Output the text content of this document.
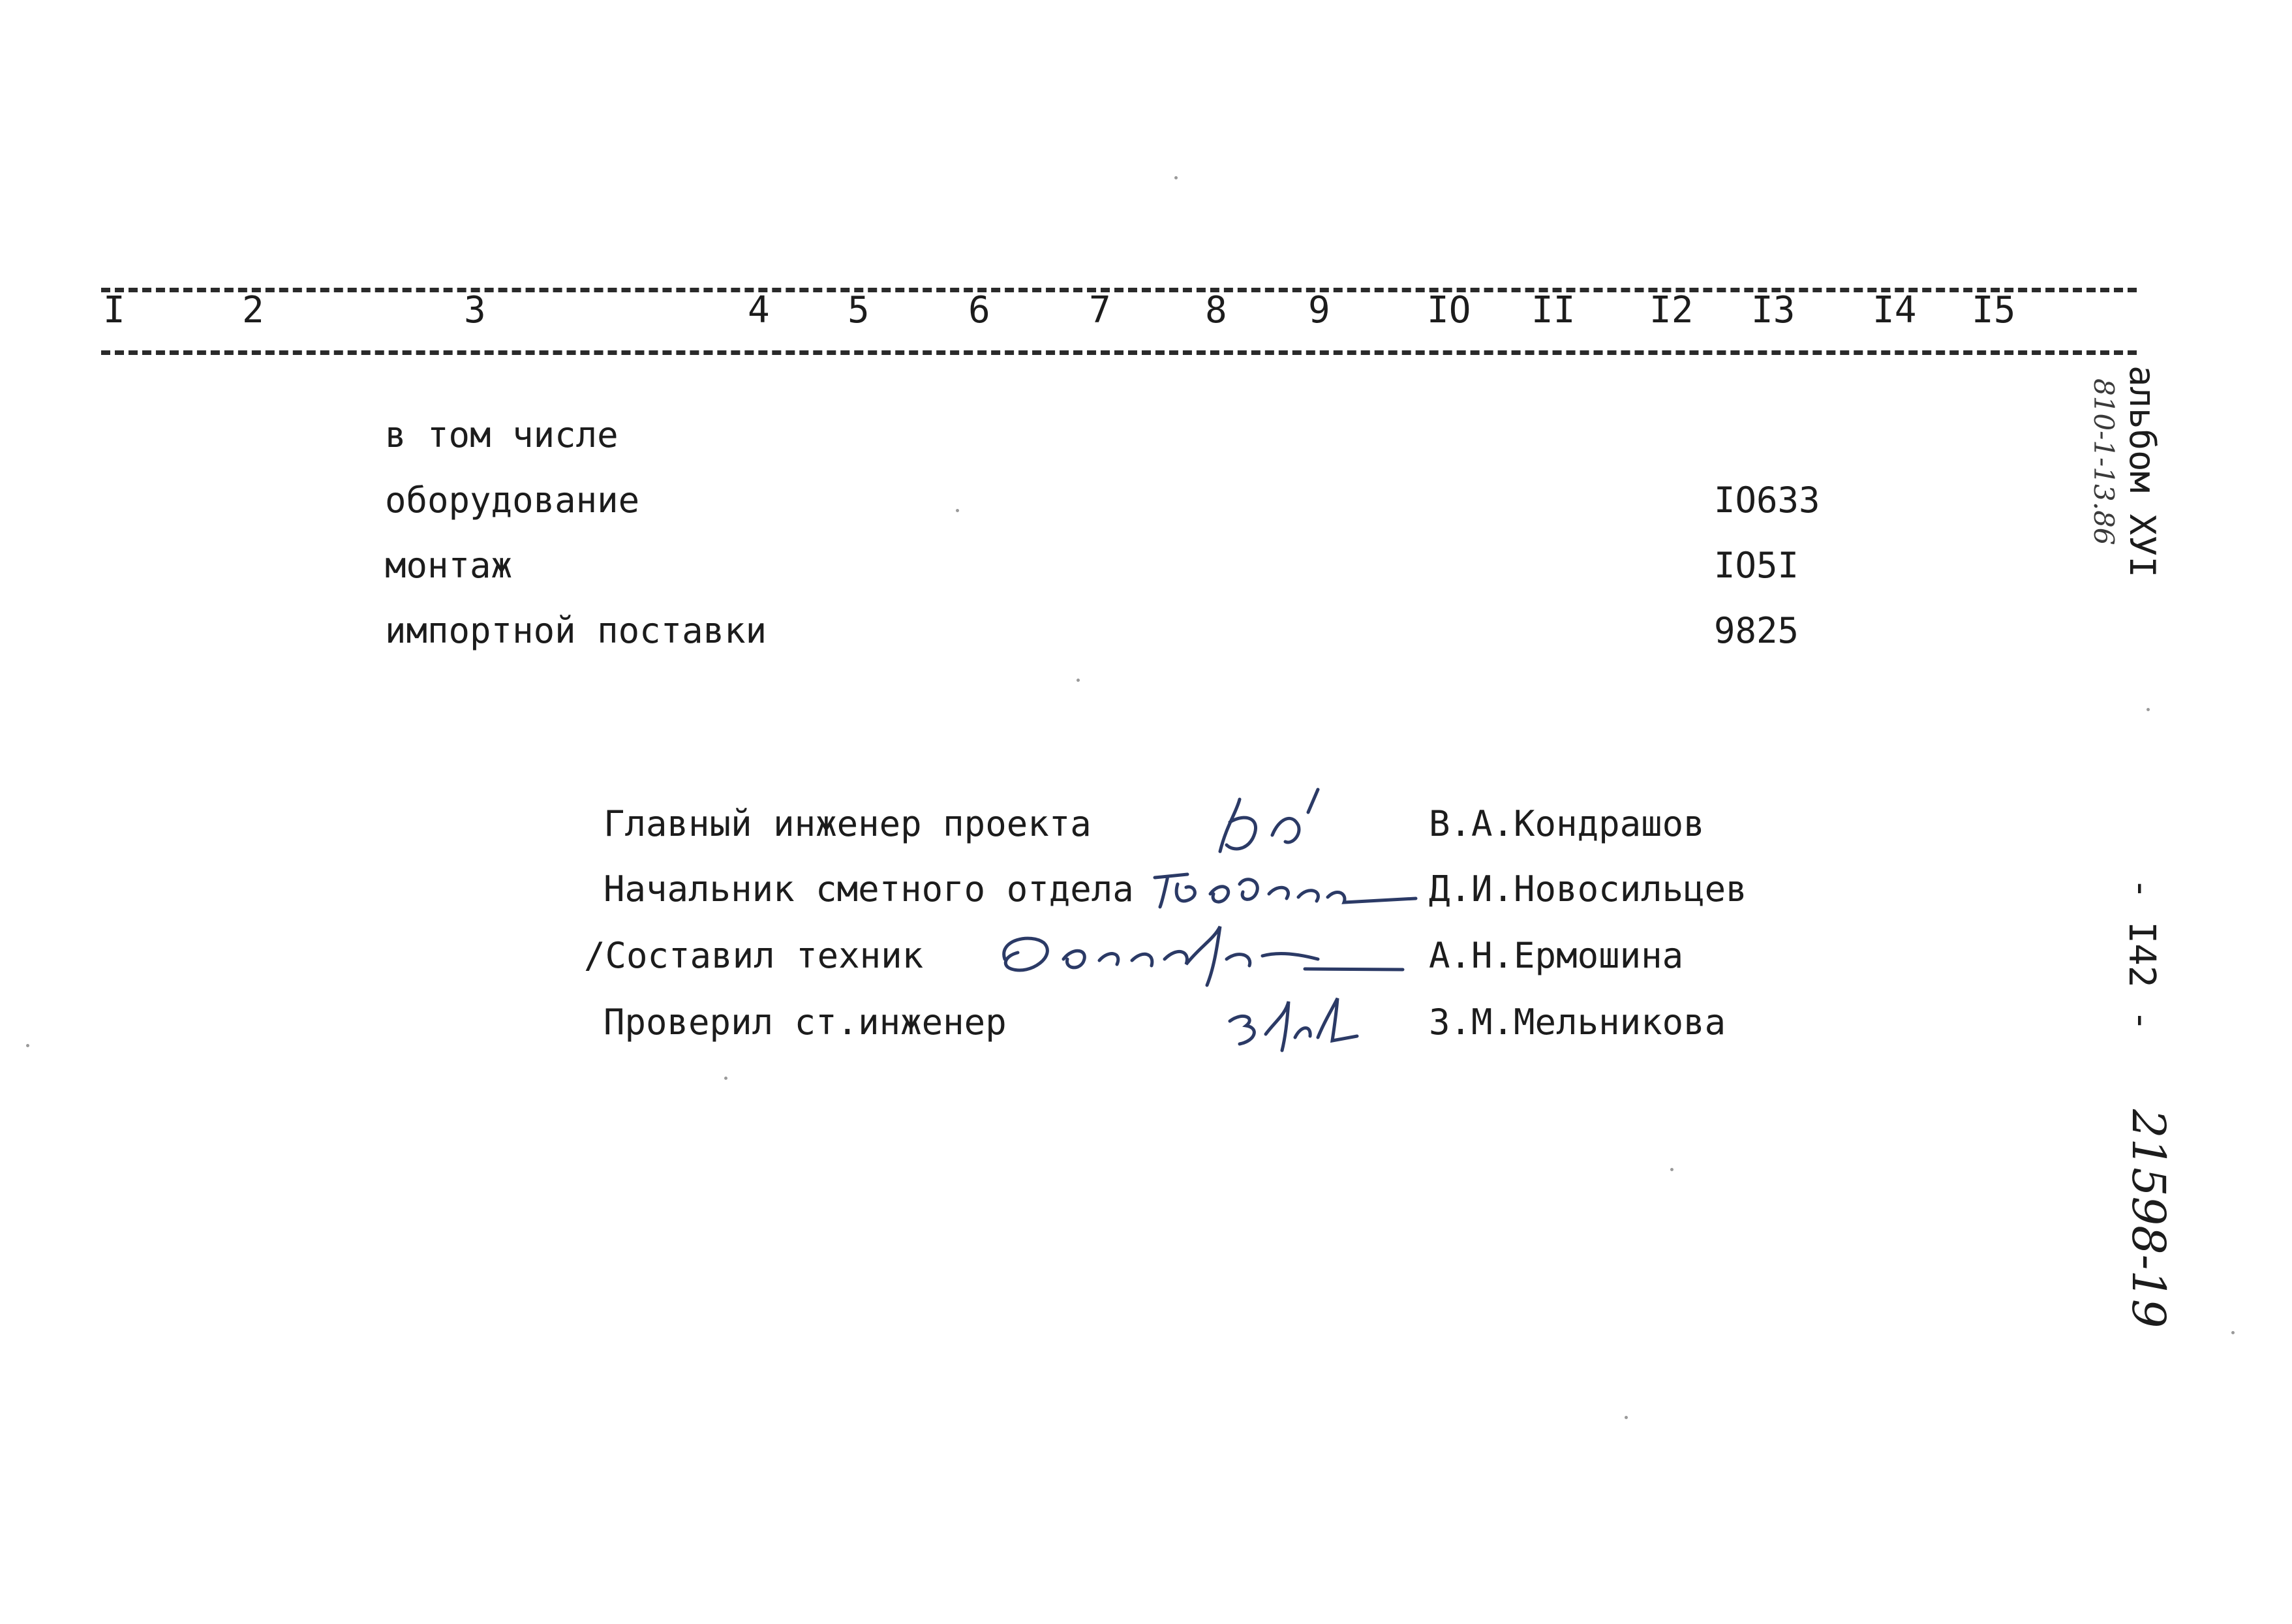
I	2	3	4 5	6	7	8 9	IO II I2 I3 I4 I5
в том числе
оборудование	IO633
монтаж	IO5I
импортной поставки	9825
Главный инженер проекта	В.А.Кондрашов
Начальник сметного отдела	Д.И.Новосильцев
/Составил техник	А.Н.Ермошина
Проверил ст.инженер	З.М.Мельникова
альбом XУI
810-1-13.86
- I42 -
21598-19
